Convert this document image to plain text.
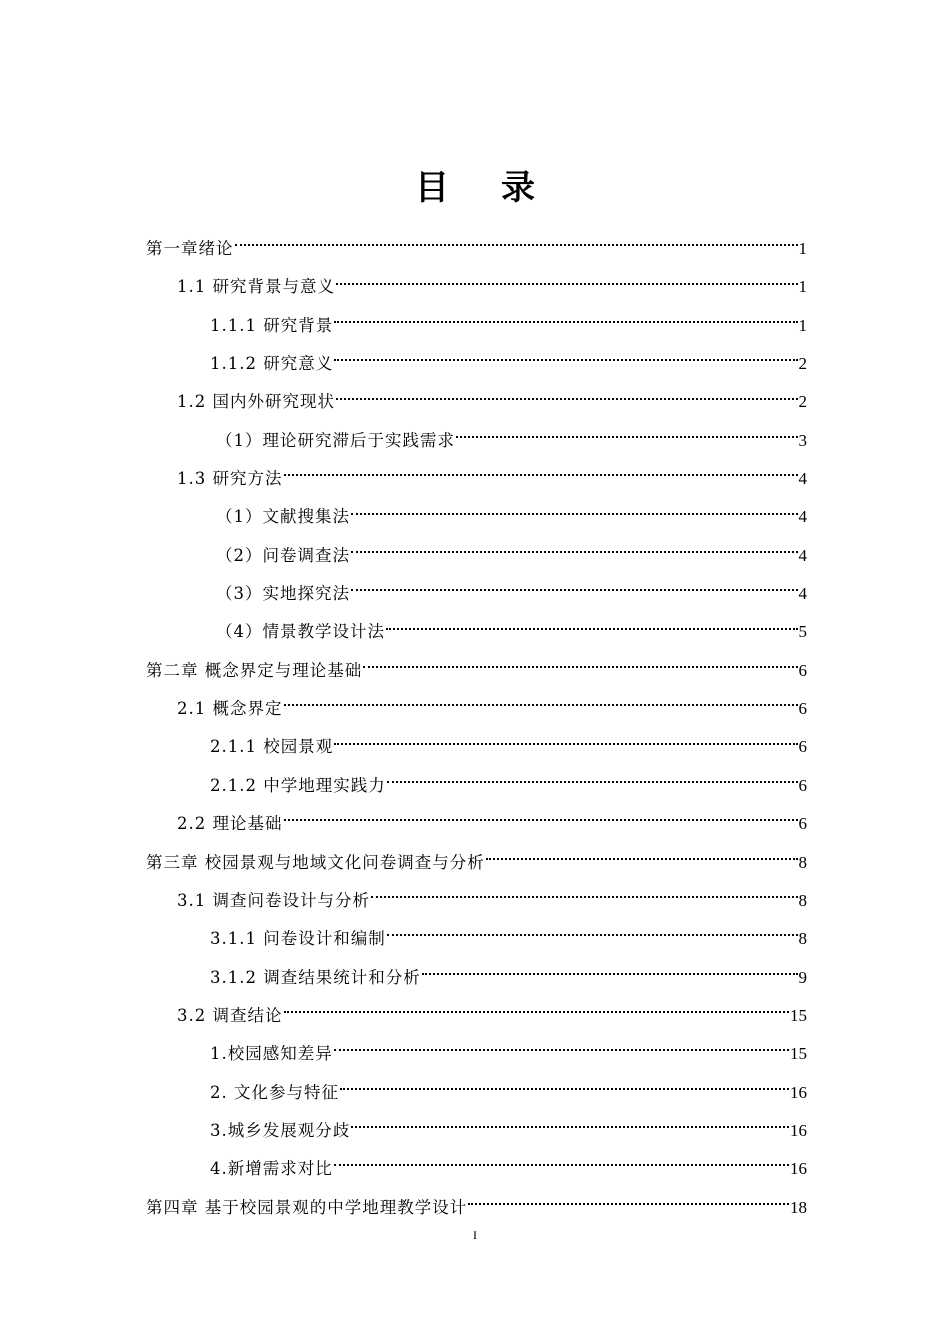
目录
第一章绪论	1
1.1 研究背景与意义	1
1.1.1 研究背景	1
1.1.2 研究意义	2
1.2 国内外研究现状	2
（1）理论研究滞后于实践需求	3
1.3 研究方法	4
（1）文献搜集法	4
（2）问卷调查法	4
（3）实地探究法	4
（4）情景教学设计法	5
第二章 概念界定与理论基础	6
2.1 概念界定	6
2.1.1 校园景观	6
2.1.2 中学地理实践力	6
2.2 理论基础	6
第三章 校园景观与地域文化问卷调查与分析	8
3.1 调查问卷设计与分析	8
3.1.1 问卷设计和编制	8
3.1.2 调查结果统计和分析	9
3.2 调查结论	15
1.校园感知差异	15
2. 文化参与特征	16
3.城乡发展观分歧	16
4.新增需求对比	16
第四章 基于校园景观的中学地理教学设计	18
I
